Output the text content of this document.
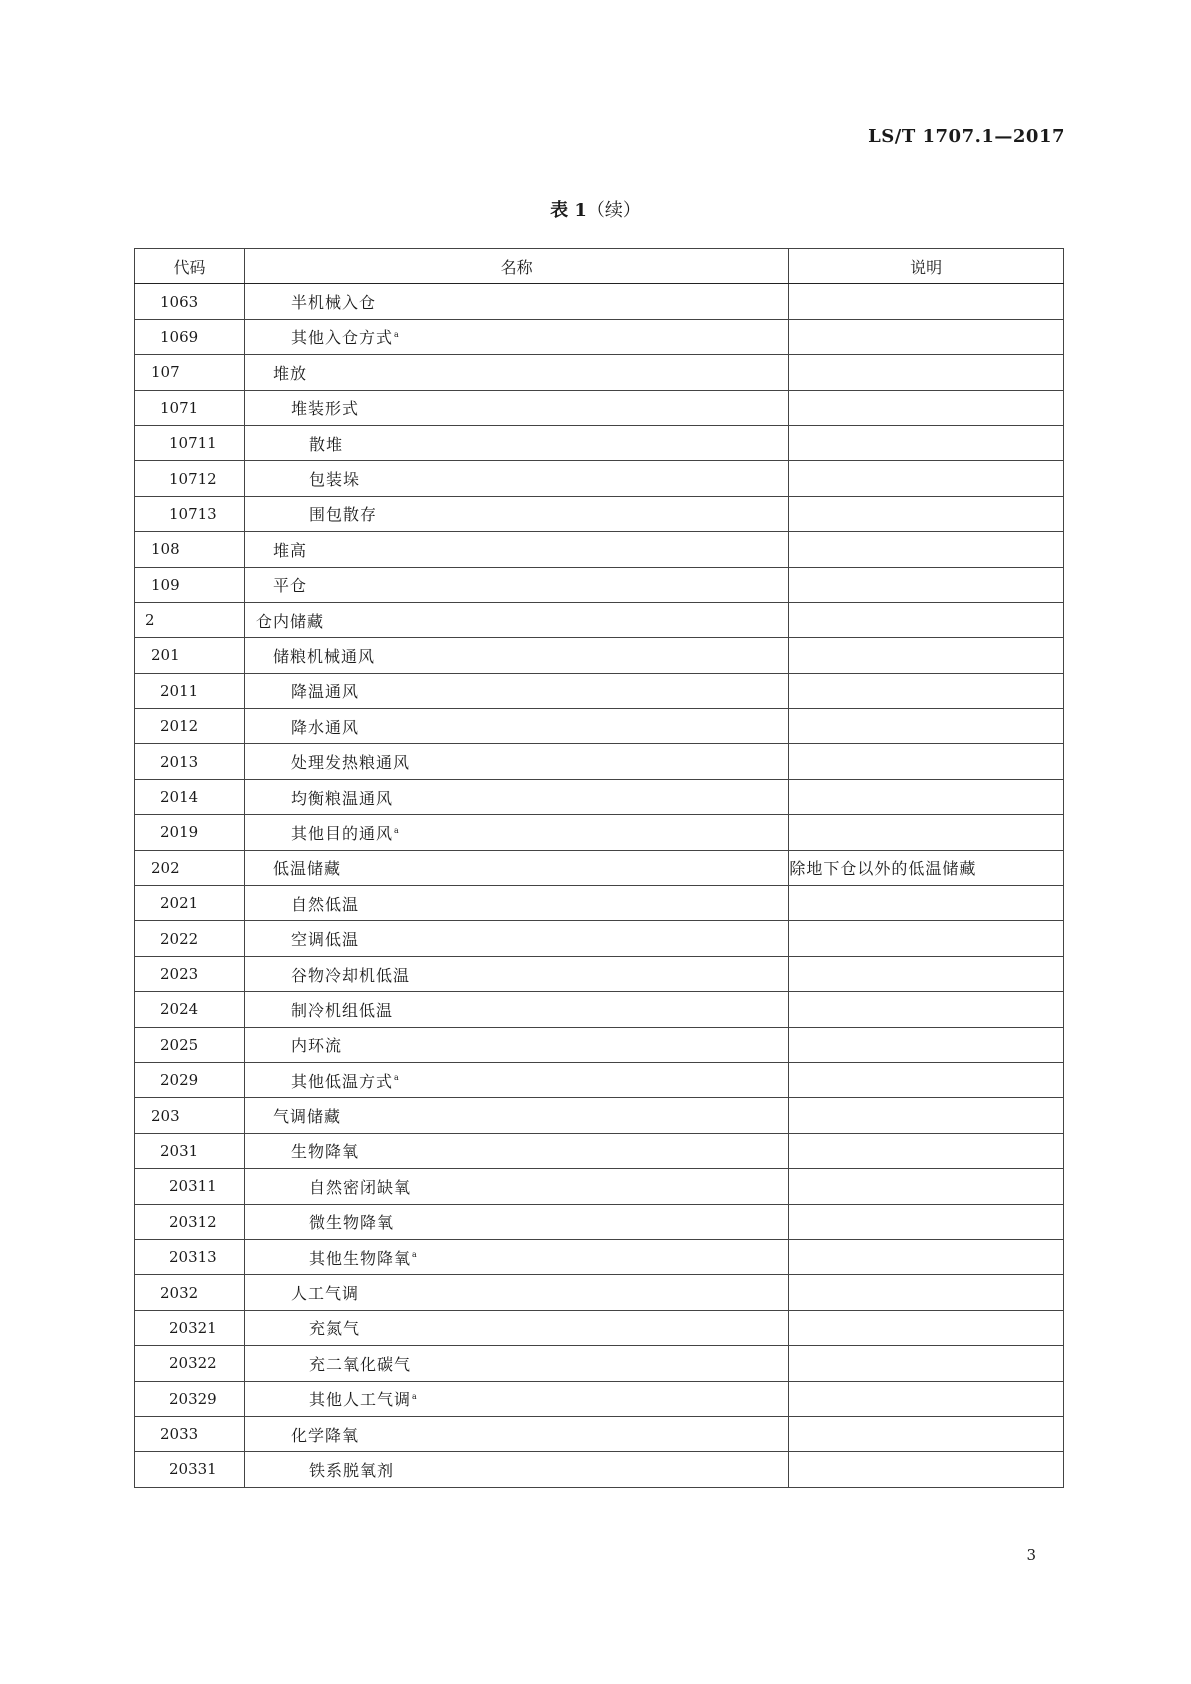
LS/T 1707.1—2017
表 1（续）
代码	名称	说明
1063	半机械入仓	
1069	其他入仓方式$^a$	
107	堆放	
1071	堆装形式	
10711	散堆	
10712	包装垛	
10713	围包散存	
108	堆高	
109	平仓	
2	仓内储藏	
201	储粮机械通风	
2011	降温通风	
2012	降水通风	
2013	处理发热粮通风	
2014	均衡粮温通风	
2019	其他目的通风$^a$	
202	低温储藏	除地下仓以外的低温储藏
2021	自然低温	
2022	空调低温	
2023	谷物冷却机低温	
2024	制冷机组低温	
2025	内环流	
2029	其他低温方式$^a$	
203	气调储藏	
2031	生物降氧	
20311	自然密闭缺氧	
20312	微生物降氧	
20313	其他生物降氧$^a$	
2032	人工气调	
20321	充氮气	
20322	充二氧化碳气	
20329	其他人工气调$^a$	
2033	化学降氧	
20331	铁系脱氧剂	
3
